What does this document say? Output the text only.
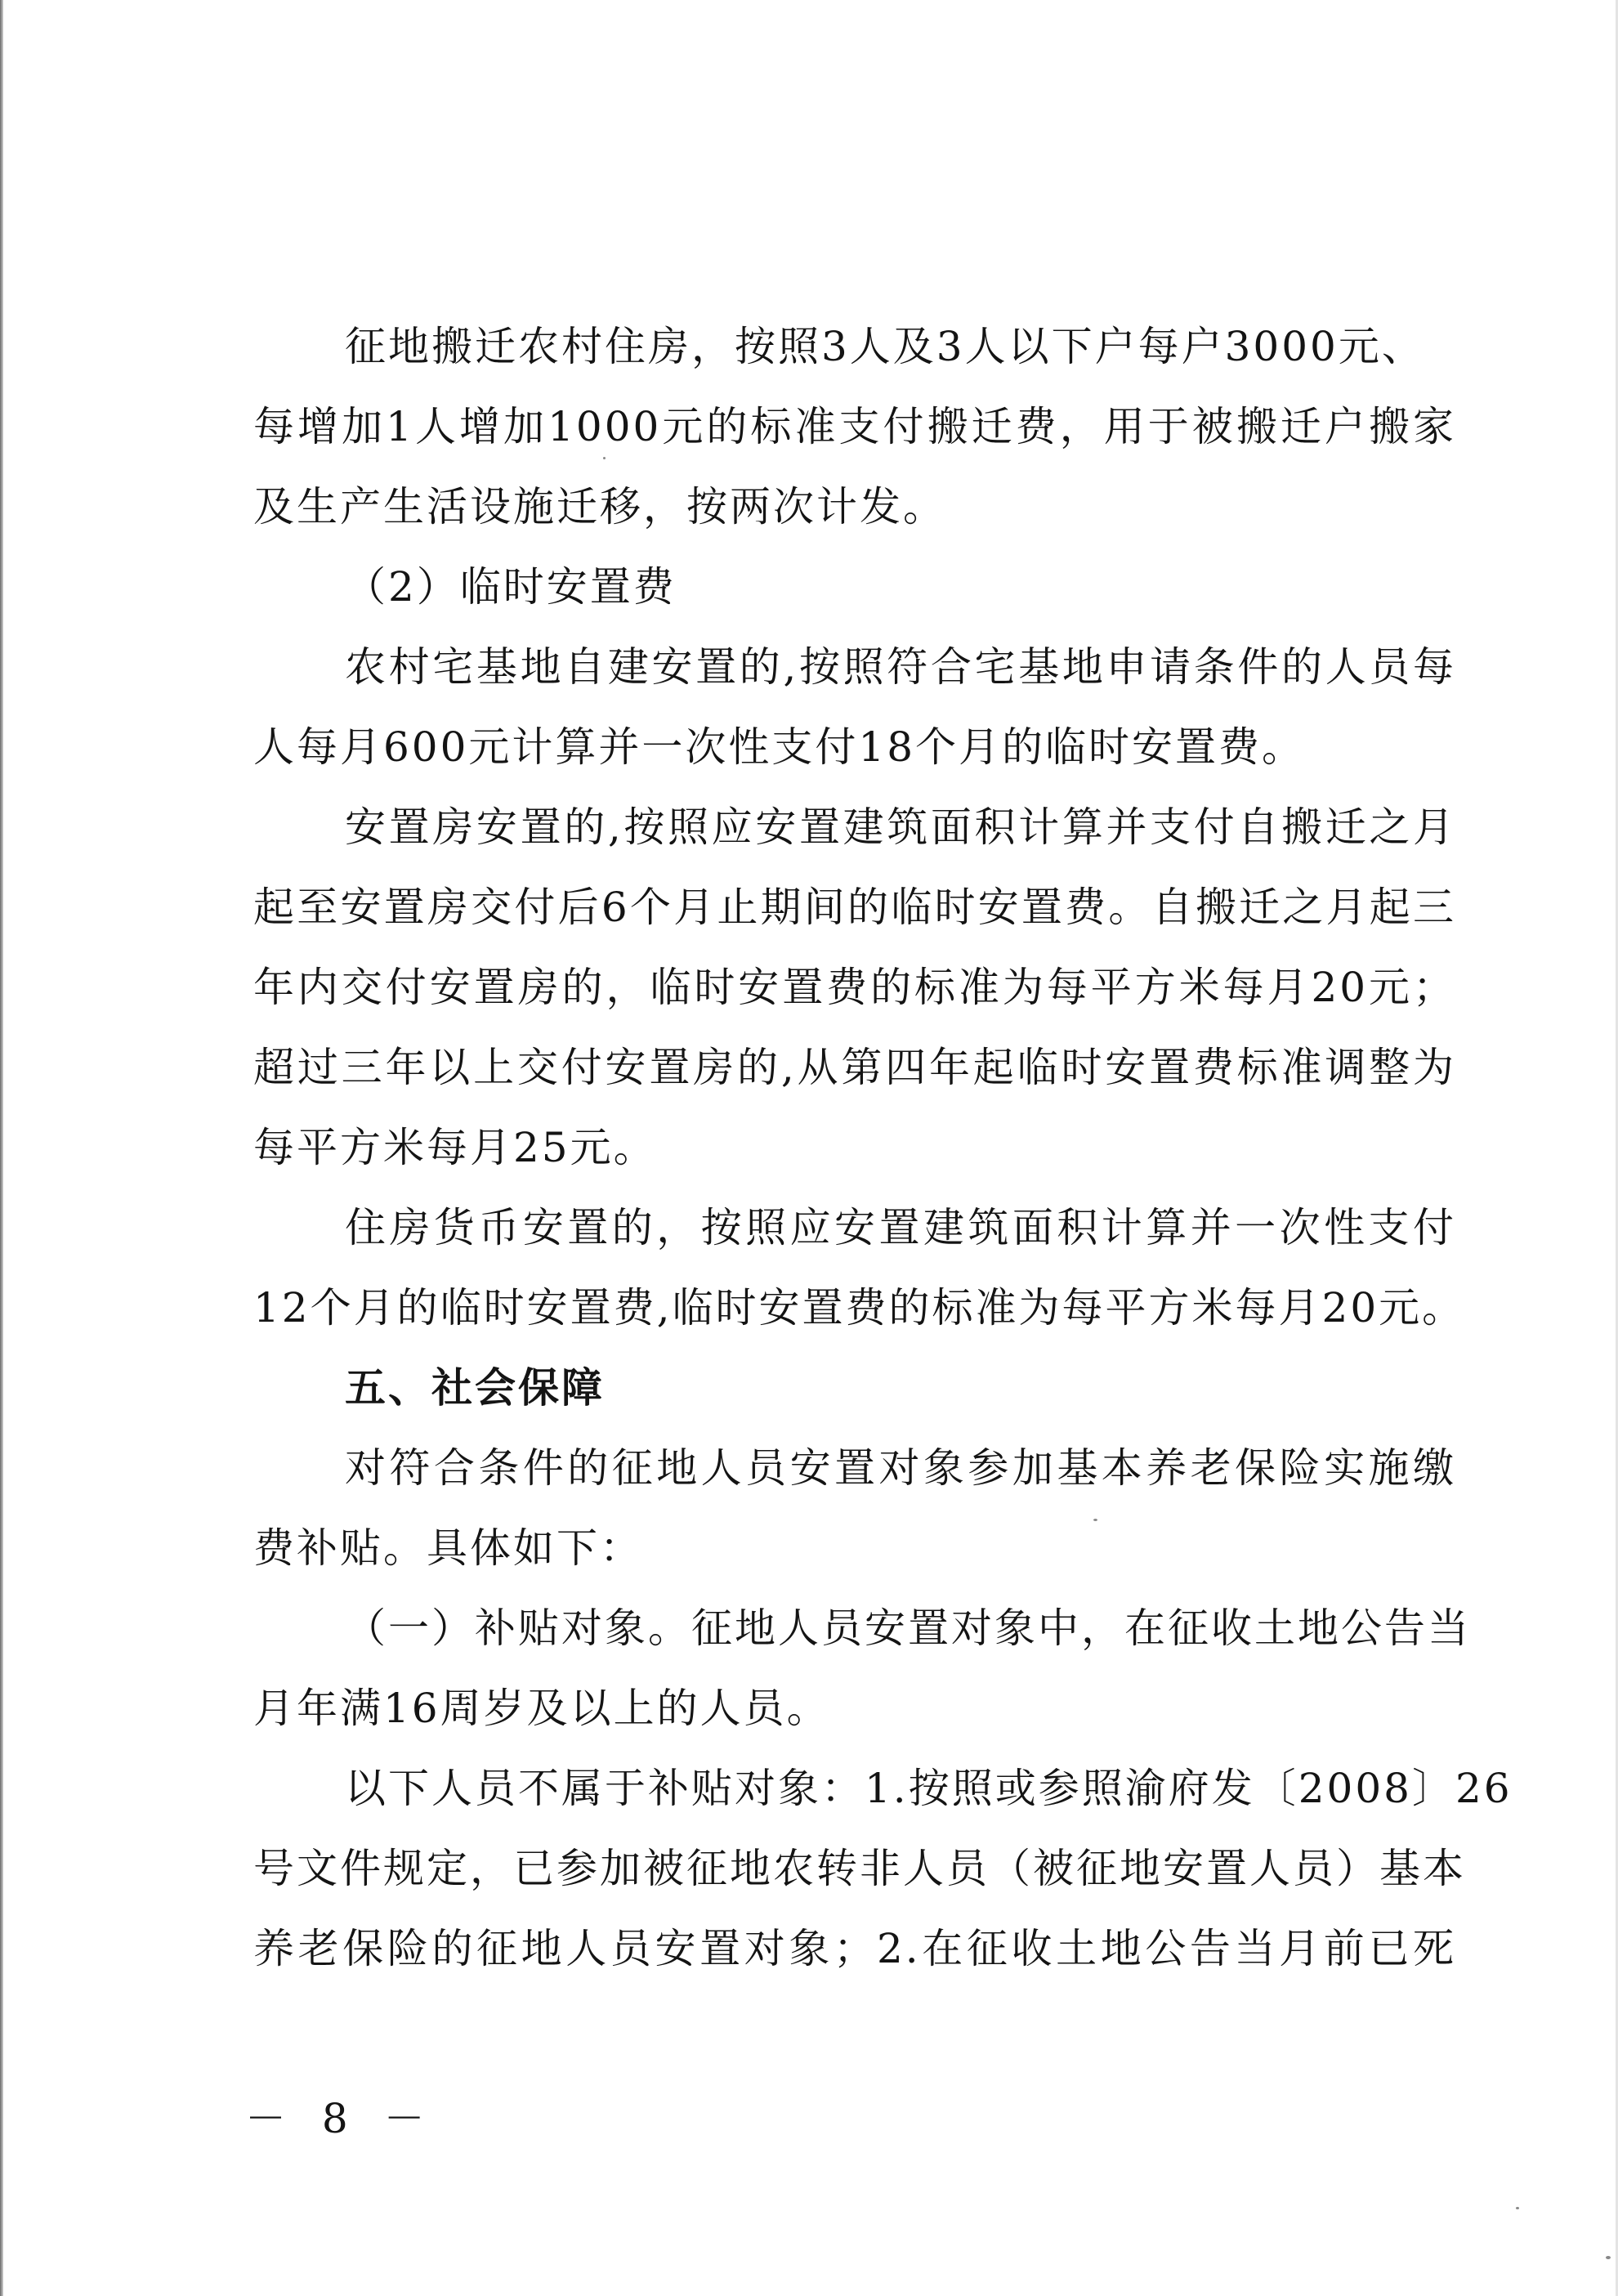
征地搬迁农村住房，按照3人及3人以下户每户3000元、
每增加1人增加1000元的标准支付搬迁费，用于被搬迁户搬家
及生产生活设施迁移，按两次计发。
（2）临时安置费
农村宅基地自建安置的,按照符合宅基地申请条件的人员每
人每月600元计算并一次性支付18个月的临时安置费。
安置房安置的,按照应安置建筑面积计算并支付自搬迁之月
起至安置房交付后6个月止期间的临时安置费。自搬迁之月起三
年内交付安置房的，临时安置费的标准为每平方米每月20元；
超过三年以上交付安置房的,从第四年起临时安置费标准调整为
每平方米每月25元。
住房货币安置的，按照应安置建筑面积计算并一次性支付
12个月的临时安置费,临时安置费的标准为每平方米每月20元。
五、社会保障
对符合条件的征地人员安置对象参加基本养老保险实施缴
费补贴。具体如下：
（一）补贴对象。征地人员安置对象中，在征收土地公告当
月年满16周岁及以上的人员。
以下人员不属于补贴对象：1.按照或参照渝府发〔2008〕26
号文件规定，已参加被征地农转非人员（被征地安置人员）基本
养老保险的征地人员安置对象；2.在征收土地公告当月前已死
－ 8 －
